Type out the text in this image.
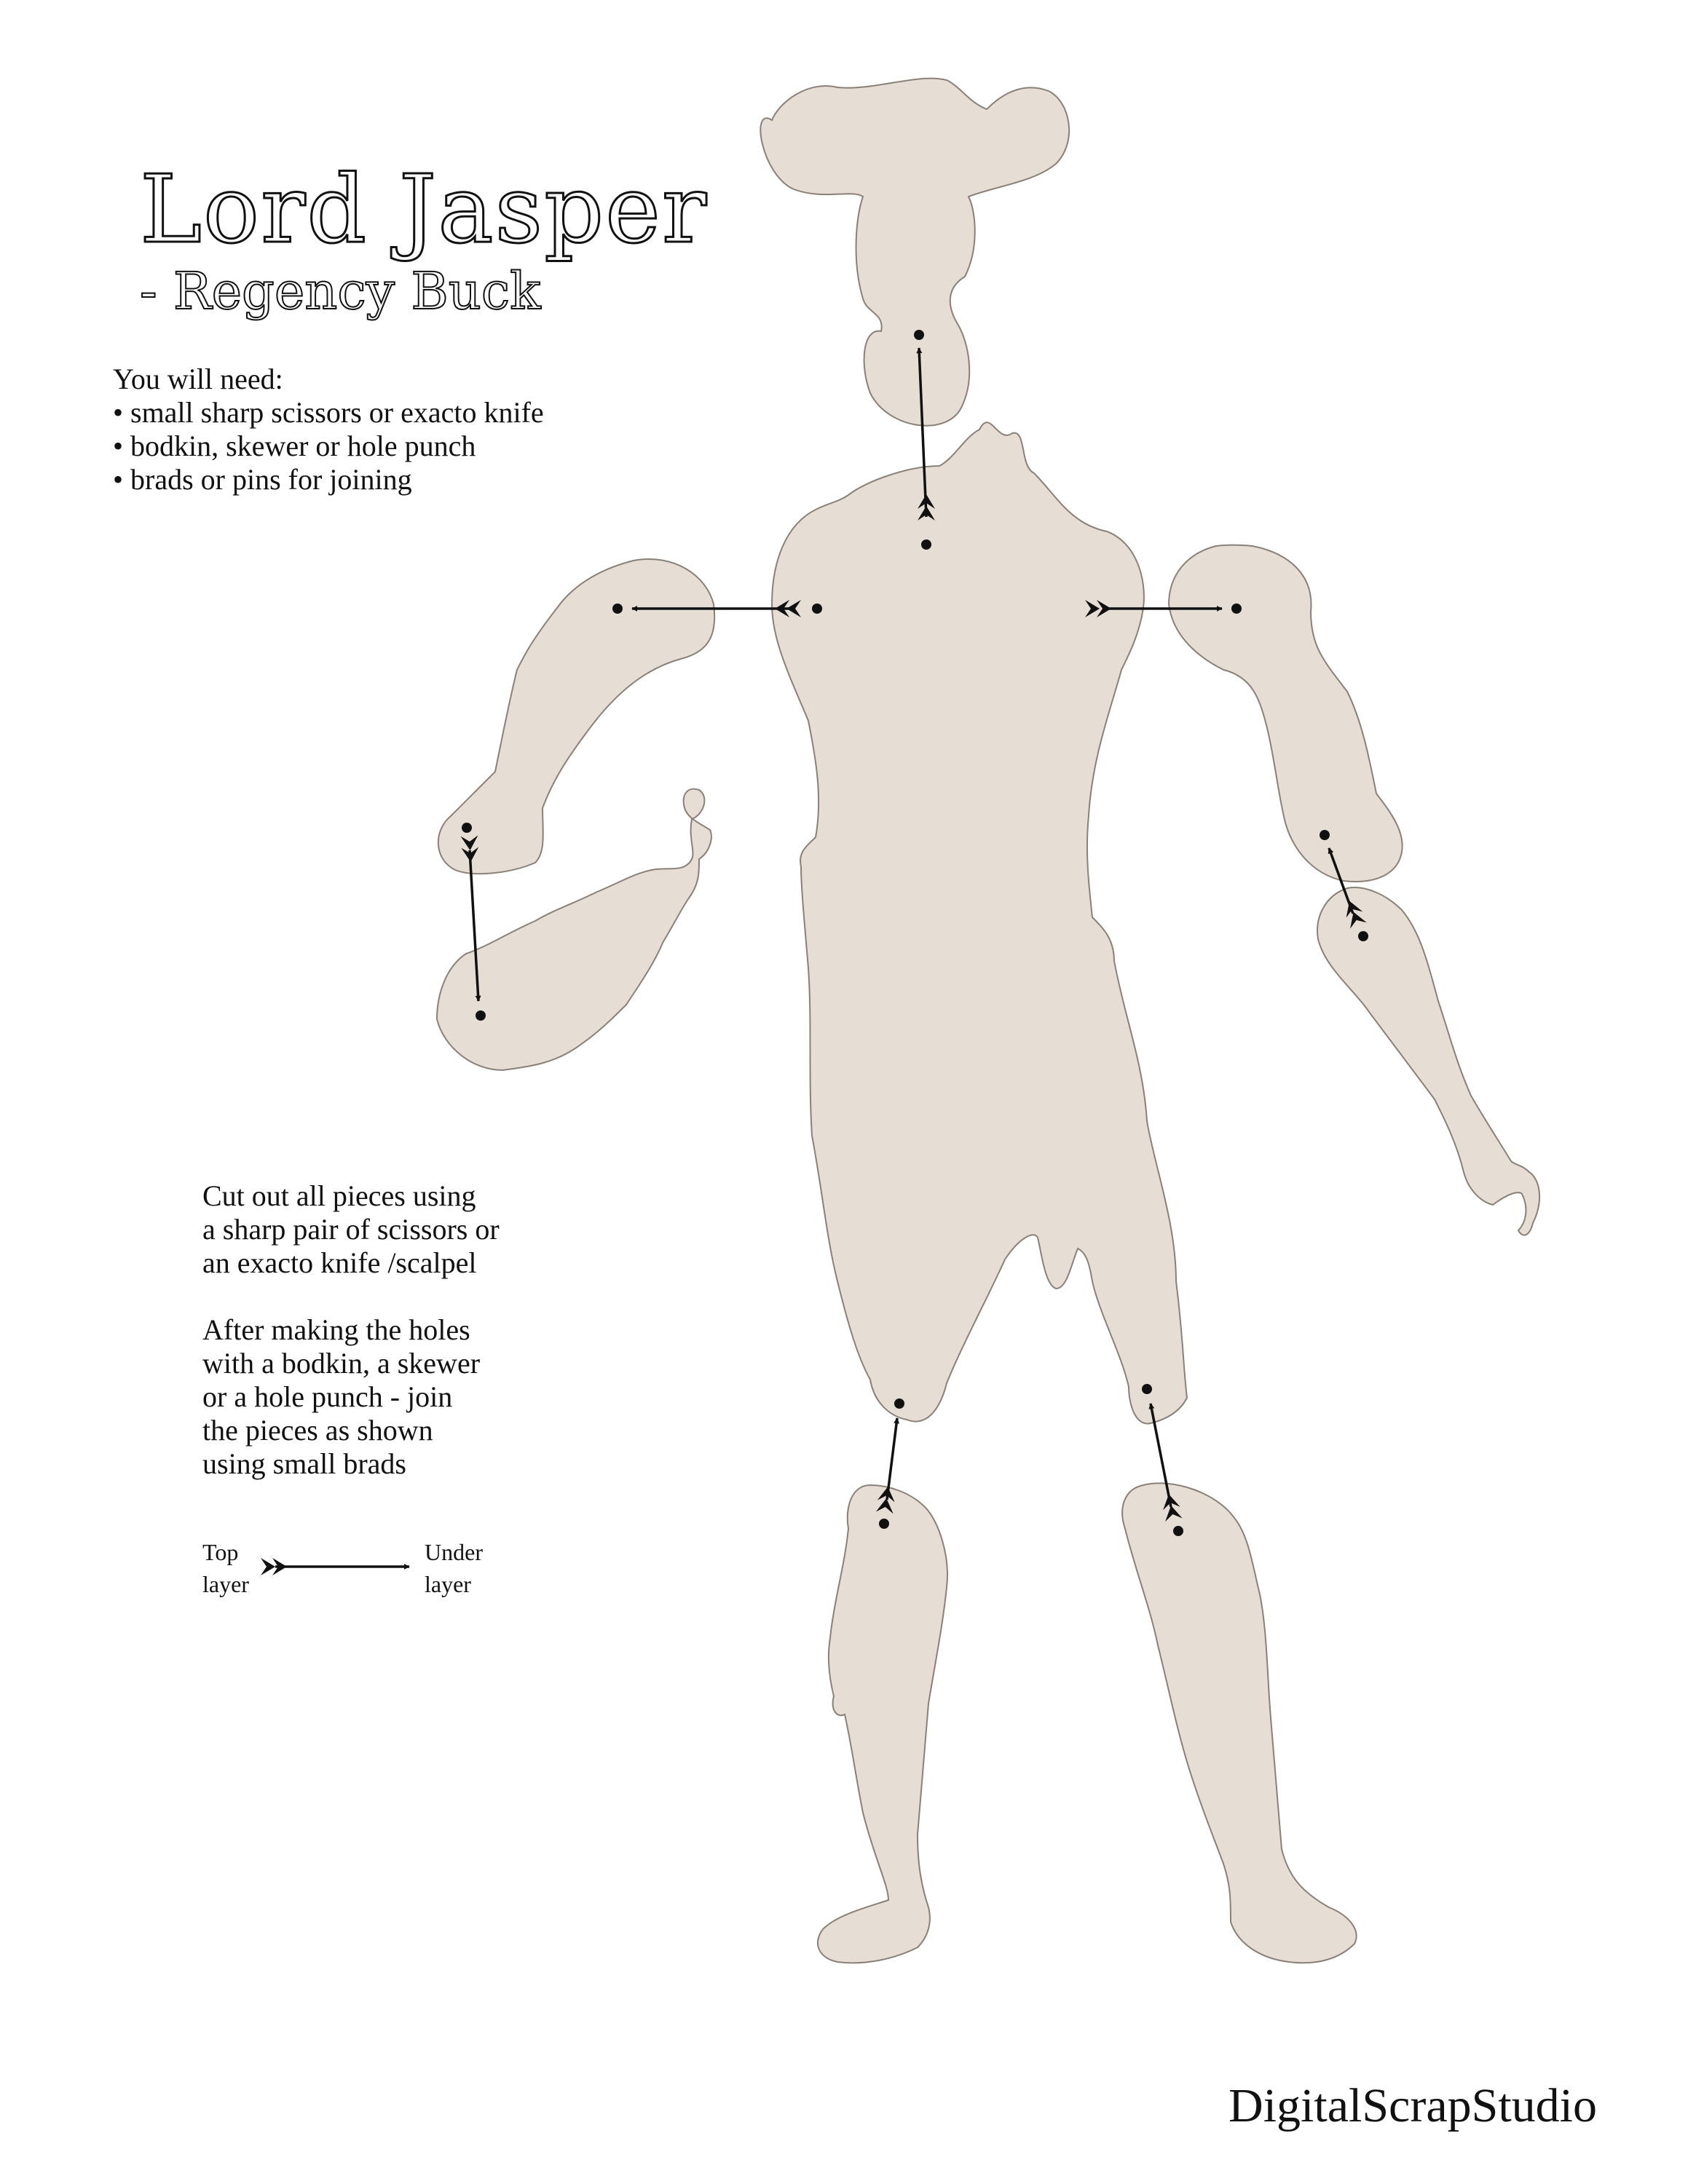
Lord Jasper
- Regency Buck
You will need:
• small sharp scissors or exacto knife
• bodkin, skewer or hole punch
• brads or pins for joining

Cut out all pieces using
a sharp pair of scissors or
an exacto knife /scalpel

After making the holes
with a bodkin, a skewer
or a hole punch - join
the pieces as shown
using small brads

Top
layer
Under
layer
DigitalScrapStudio
